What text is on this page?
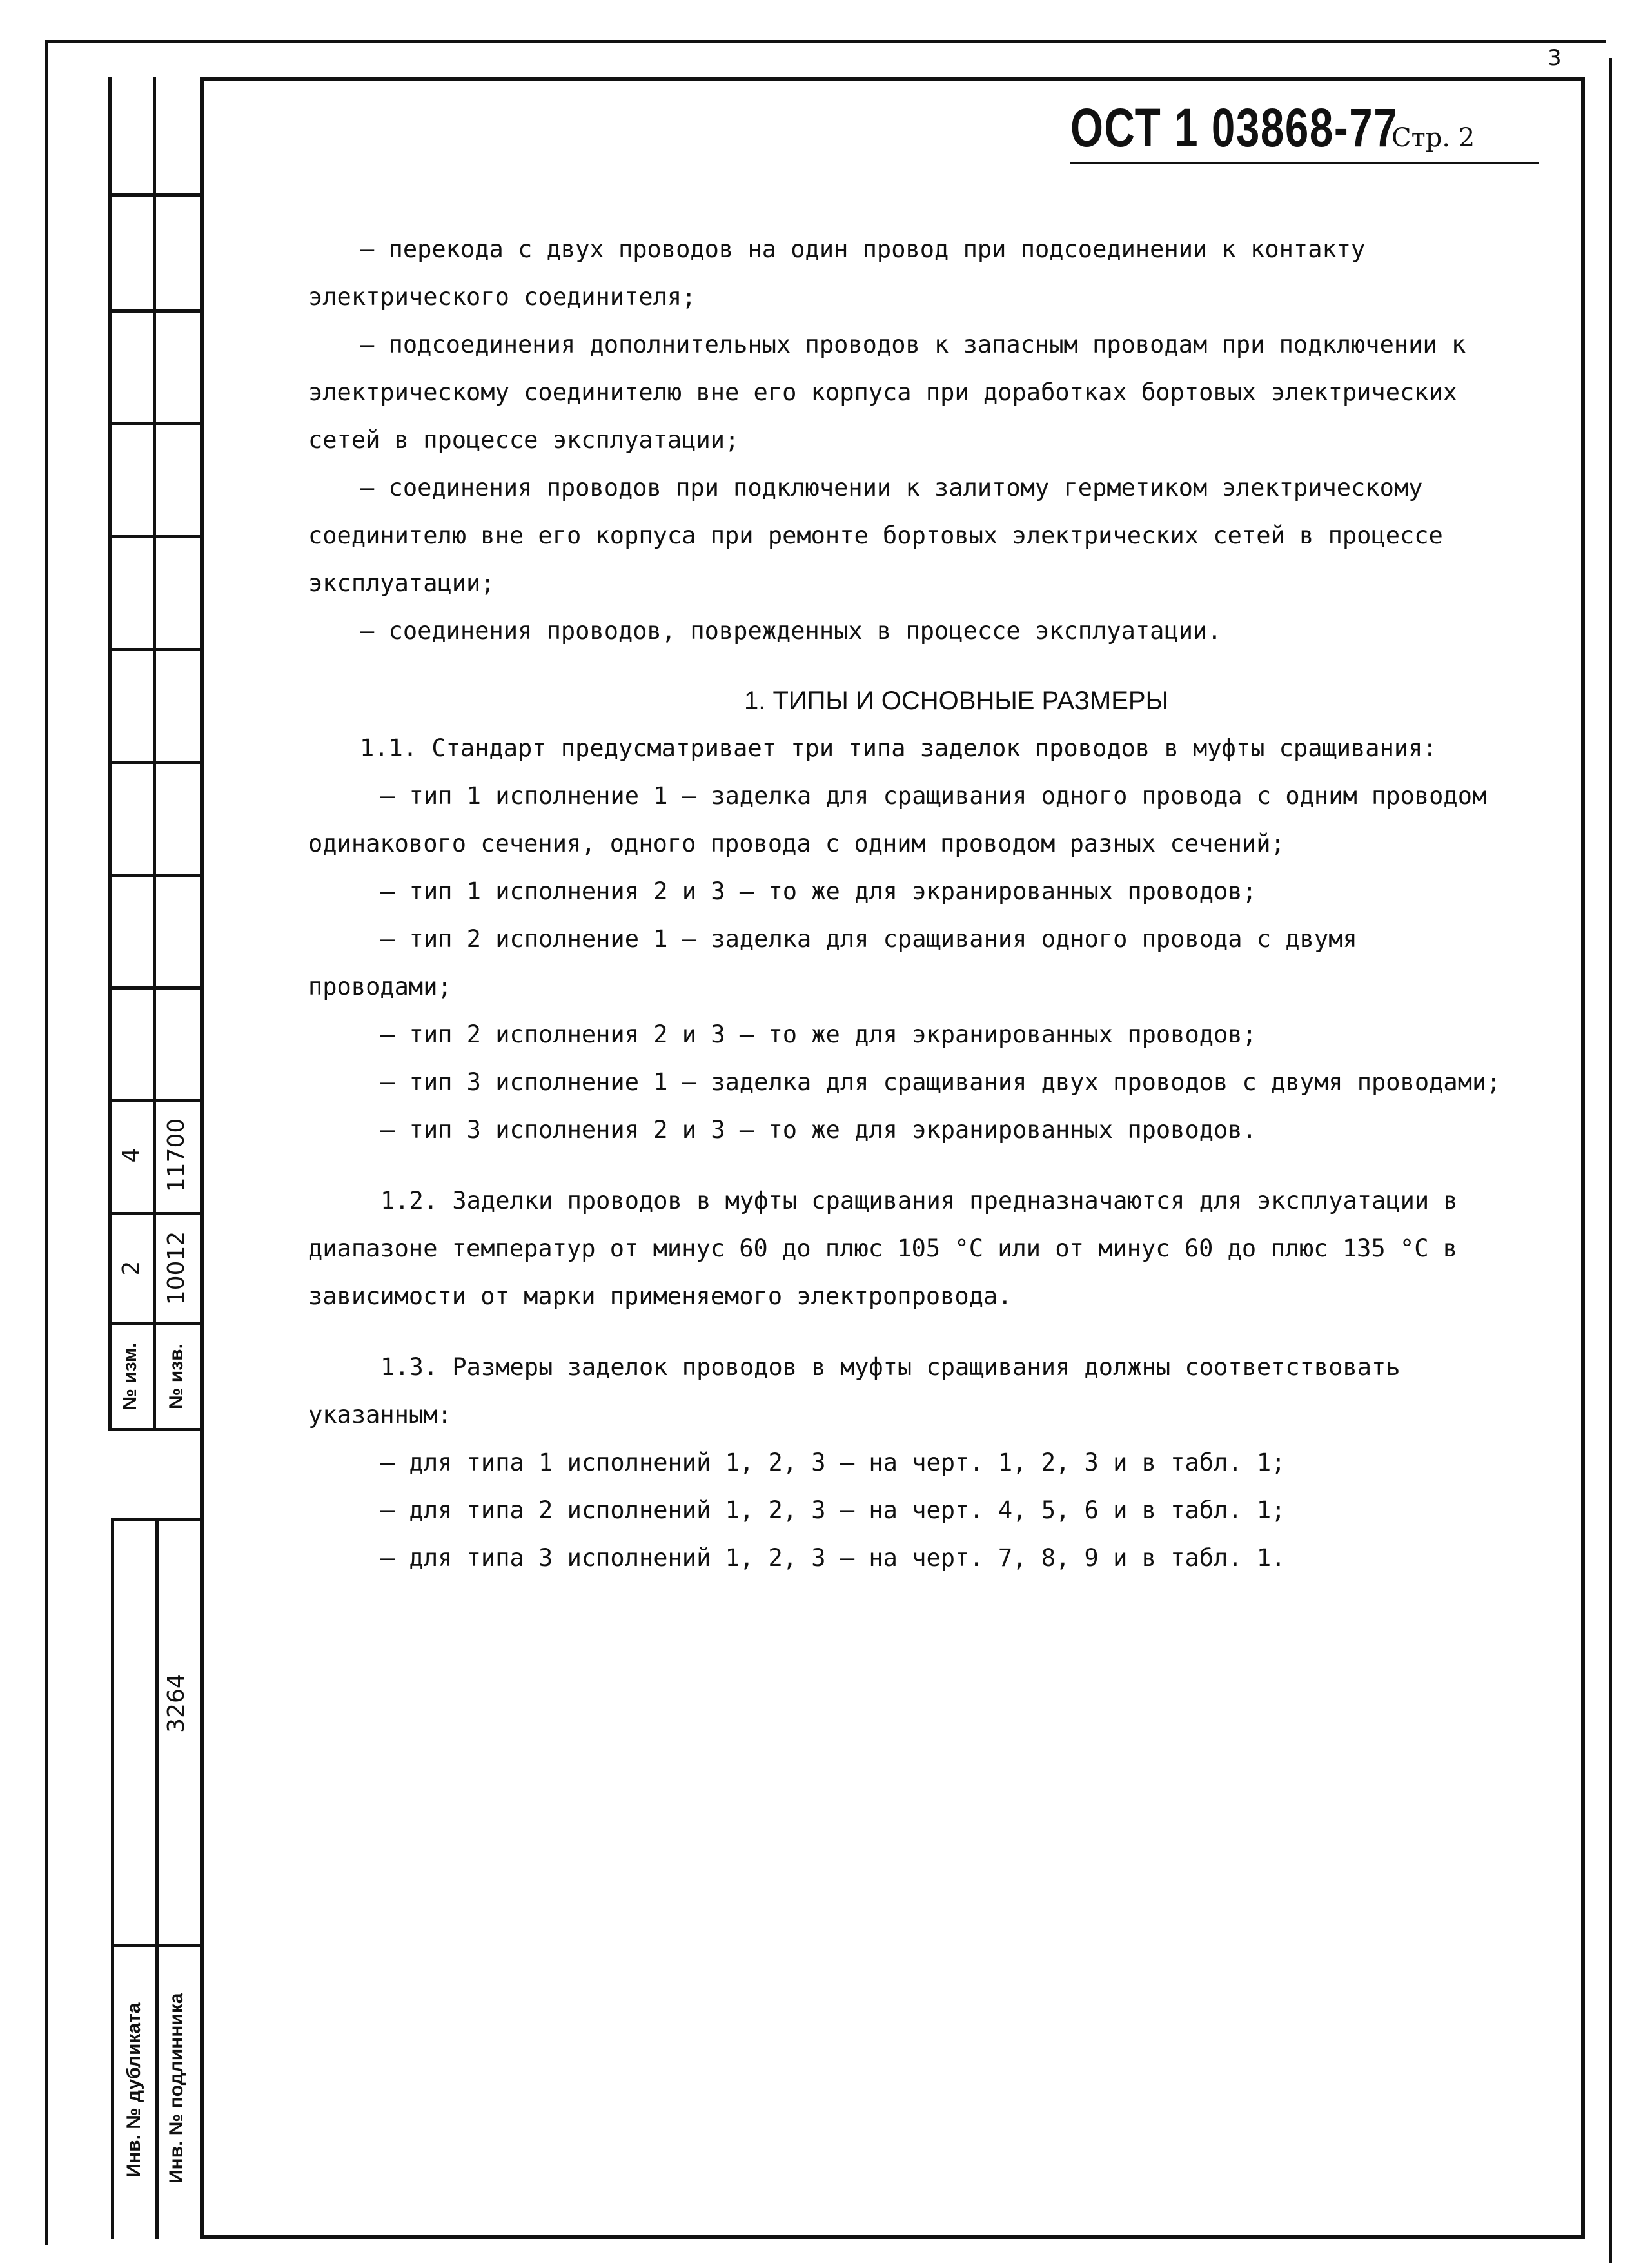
3
4 11700
2 10012
№ изм. № изв.
3264
Инв. № дубликата Инв. № подлинника
ОСТ 1 03868-77
Стр. 2

– перекода с двух проводов на один провод при подсоединении к контакту электрического соединителя;

– подсоединения дополнительных проводов к запасным проводам при подключении к электрическому соединителю вне его корпуса при доработках бортовых электрических сетей в процессе эксплуатации;

– соединения проводов при подключении к залитому герметиком электрическому соединителю вне его корпуса при ремонте бортовых электрических сетей в процессе эксплуатации;

– соединения проводов, поврежденных в процессе эксплуатации.

1. ТИПЫ И ОСНОВНЫЕ РАЗМЕРЫ

1.1. Стандарт предусматривает три типа заделок проводов в муфты сращивания:

– тип 1 исполнение 1 – заделка для сращивания одного провода с одним проводом одинакового сечения, одного провода с одним проводом разных сечений;

– тип 1 исполнения 2 и 3 – то же для экранированных проводов;

– тип 2 исполнение 1 – заделка для сращивания одного провода с двумя проводами;

– тип 2 исполнения 2 и 3 – то же для экранированных проводов;

– тип 3 исполнение 1 – заделка для сращивания двух проводов с двумя проводами;

– тип 3 исполнения 2 и 3 – то же для экранированных проводов.

1.2. Заделки проводов в муфты сращивания предназначаются для эксплуатации в диапазоне температур от минус 60 до плюс 105 °С или от минус 60 до плюс 135 °С в зависимости от марки применяемого электропровода.

1.3. Размеры заделок проводов в муфты сращивания должны соответствовать указанным:

– для типа 1 исполнений 1, 2, 3 – на черт. 1, 2, 3 и в табл. 1;

– для типа 2 исполнений 1, 2, 3 – на черт. 4, 5, 6 и в табл. 1;

– для типа 3 исполнений 1, 2, 3 – на черт. 7, 8, 9 и в табл. 1.
